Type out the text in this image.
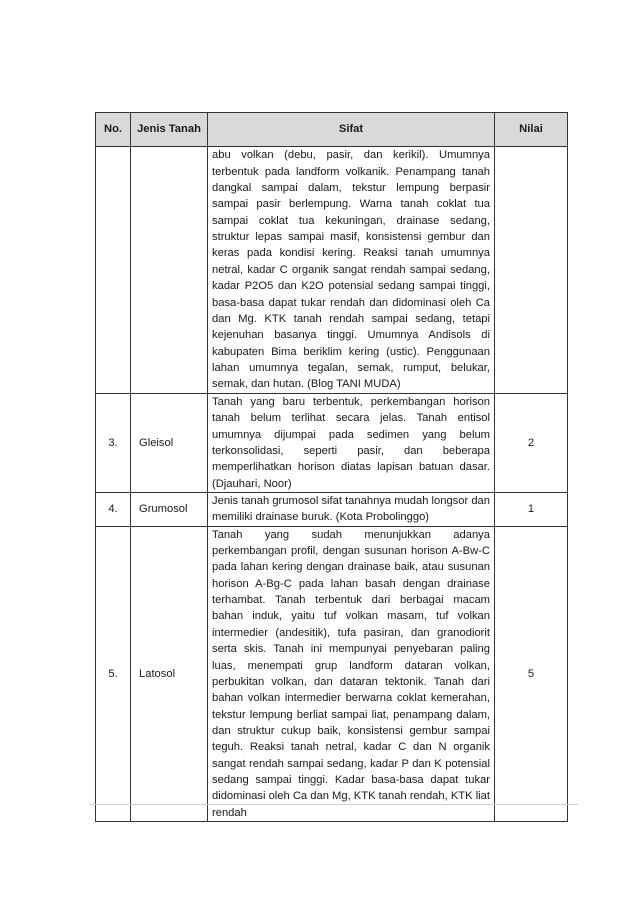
No.	Jenis Tanah	Sifat	Nilai

		abu volkan (debu, pasir, dan kerikil). Umumnya terbentuk pada landform volkanik. Penampang tanah dangkal sampai dalam, tekstur lempung berpasir sampai pasir berlempung. Warna tanah coklat tua sampai coklat tua kekuningan, drainase sedang, struktur lepas sampai masif, konsistensi gembur dan keras pada kondisi kering. Reaksi tanah umumnya netral, kadar C organik sangat rendah sampai sedang, kadar P2O5 dan K2O potensial sedang sampai tinggi, basa-basa dapat tukar rendah dan didominasi oleh Ca dan Mg. KTK tanah rendah sampai sedang, tetapi kejenuhan basanya tinggi. Umumnya Andisols di kabupaten Bima beriklim kering (ustic). Penggunaan lahan umumnya tegalan, semak, rumput, belukar, semak, dan hutan. (Blog TANI MUDA)	

3.	Gleisol	Tanah yang baru terbentuk, perkembangan horison tanah belum terlihat secara jelas. Tanah entisol umumnya dijumpai pada sedimen yang belum terkonsolidasi, seperti pasir, dan beberapa memperlihatkan horison diatas lapisan batuan dasar. (Djauhari, Noor)	2
4.	Grumosol	Jenis tanah grumosol sifat tanahnya mudah longsor dan memiliki drainase buruk. (Kota Probolinggo)	1
5.	Latosol	Tanah yang sudah menunjukkan adanya perkembangan profil, dengan susunan horison A-Bw-C pada lahan kering dengan drainase baik, atau susunan horison A-Bg-C pada lahan basah dengan drainase terhambat. Tanah terbentuk dari berbagai macam bahan induk, yaitu tuf volkan masam, tuf volkan intermedier (andesitik), tufa pasiran, dan granodiorit serta skis. Tanah ini mempunyai penyebaran paling luas, menempati grup landform dataran volkan, perbukitan volkan, dan dataran tektonik. Tanah dari bahan volkan intermedier berwarna coklat kemerahan, tekstur lempung berliat sampai liat, penampang dalam, dan struktur cukup baik, konsistensi gembur sampai teguh. Reaksi tanah netral, kadar C dan N organik sangat rendah sampai sedang, kadar P dan K potensial sedang sampai tinggi. Kadar basa-basa dapat tukar didominasi oleh Ca dan Mg, KTK tanah rendah, KTK liat rendah	5
